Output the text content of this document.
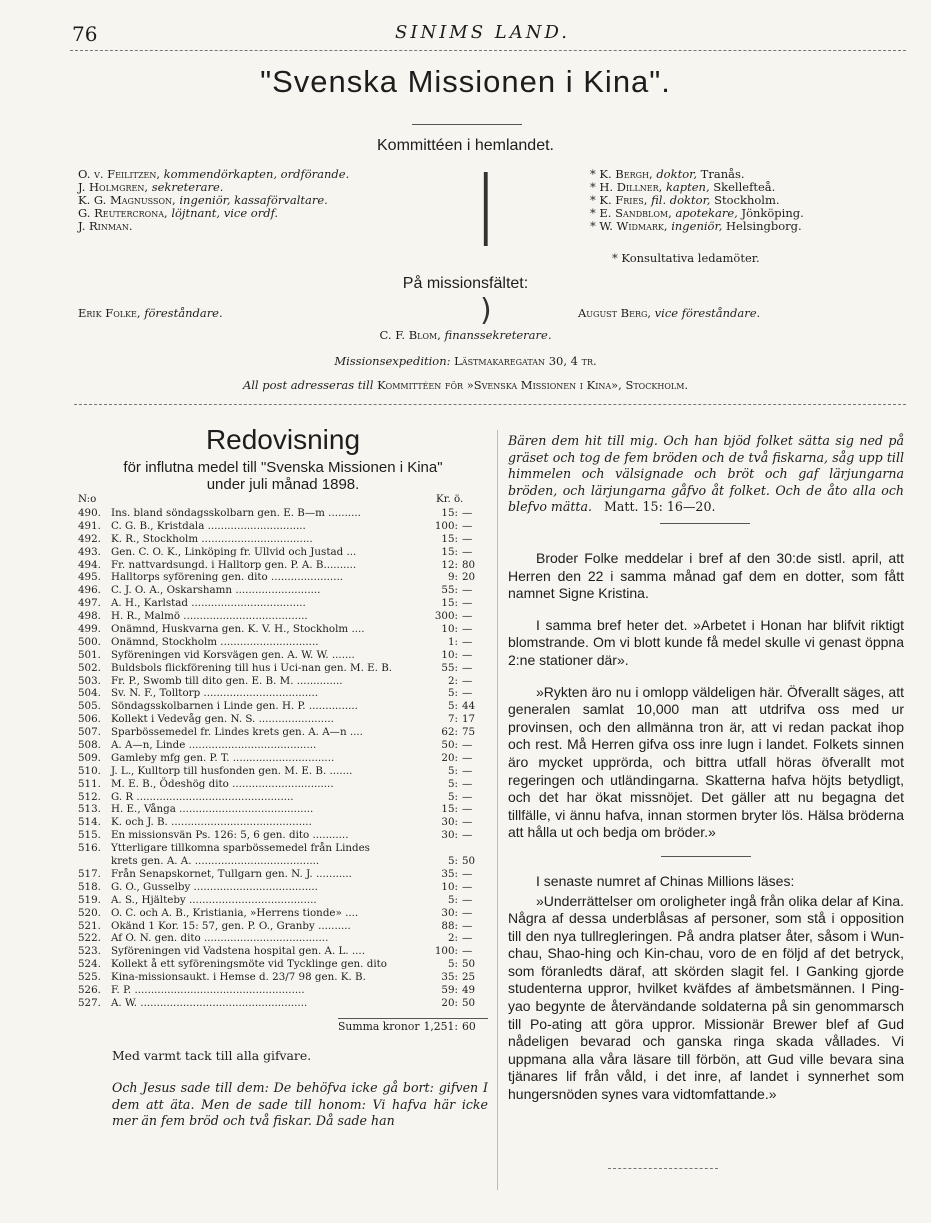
76	SINIMS LAND.
"Svenska Missionen i Kina".
Kommittéen i hemlandet.
O. v. Feilitzen, kommendörkapten, ordförande.
J. Holmgren, sekreterare.
K. G. Magnusson, ingeniör, kassaförvaltare.
G. Reutercrona, löjtnant, vice ordf.
J. Rinman.	|	* K. Bergh, doktor, Tranås.
* H. Dillner, kapten, Skellefteå.
* K. Fries, fil. doktor, Stockholm.
* E. Sandblom, apotekare, Jönköping.
* W. Widmark, ingeniör, Helsingborg.
* Konsultativa ledamöter.
På missionsfältet:
Erik Folke, föreståndare.	)	August Berg, vice föreståndare.
C. F. Blom, finanssekreterare.
Missionsexpedition: Lästmakaregatan 30, 4 tr.
All post adresseras till Kommittéen för »Svenska Missionen i Kina», Stockholm.
Redovisning
för influtna medel till "Svenska Missionen i Kina"
under juli månad 1898.
N:o	Kr. ö.
490. Ins. bland söndagsskolbarn gen. E. B—m ..........	15: —
491. C. G. B., Kristdala ..............................	100: —
492. K. R., Stockholm ..................................	15: —
493. Gen. C. O. K., Linköping fr. Ullvid och Justad ...	15: —
494. Fr. nattvardsungd. i Halltorp gen. P. A. B..........	12: 80
495. Halltorps syförening gen. dito ......................	9: 20
496. C. J. O. A., Oskarshamn ..........................	55: —
497. A. H., Karlstad ...................................	15: —
498. H. R., Malmö ......................................	300: —
499. Onämnd, Huskvarna gen. K. V. H., Stockholm ....	10: —
500. Onämnd, Stockholm ..............................	1: —
501. Syföreningen vid Korsvägen gen. A. W. W. .......	10: —
502. Buldsbols flickförening till hus i Uci-nan gen. M. E. B.	55: —
503. Fr. P., Swomb till dito gen. E. B. M. ..............	2: —
504. Sv. N. F., Tolltorp ...................................	5: —
505. Söndagsskolbarnen i Linde gen. H. P. ...............	5: 44
506. Kollekt i Vedevåg gen. N. S. .......................	7: 17
507. Sparbössemedel fr. Lindes krets gen. A. A—n ....	62: 75
508. A. A—n, Linde .......................................	50: —
509. Gamleby mfg gen. P. T. ...............................	20: —
510. J. L., Kulltorp till husfonden gen. M. E. B. .......	5: —
511. M. E. B., Ödeshög dito ...............................	5: —
512. G. R ................................................	5: —
513. H. E., Vånga .........................................	15: —
514. K. och J. B. ...........................................	30: —
515. En missionsvän Ps. 126: 5, 6 gen. dito ...........	30: —
516. Ytterligare tillkomna sparbössemedel från Lindes
krets gen. A. A. ......................................	5: 50
517. Från Senapskornet, Tullgarn gen. N. J. ...........	35: —
518. G. O., Gusselby ......................................	10: —
519. A. S., Hjälteby .......................................	5: —
520. O. C. och A. B., Kristiania, »Herrens tionde» ....	30: —
521. Okänd 1 Kor. 15: 57, gen. P. O., Granby ..........	88: —
522. Af O. N. gen. dito ......................................	2: —
523. Syföreningen vid Vadstena hospital gen. A. L. ....	100: —
524. Kollekt å ett syföreningsmöte vid Tycklinge gen. dito	5: 50
525. Kina-missionsaukt. i Hemse d. 23/7 98 gen. K. B.	35: 25
526. F. P. ....................................................	59: 49
527. A. W. ...................................................	20: 50
Summa kronor 1,251: 60
Med varmt tack till alla gifvare.
Och Jesus sade till dem: De behöfva icke gå bort: gifven I dem att äta. Men de sade till honom: Vi hafva här icke mer än fem bröd och två fiskar. Då sade han
Bären dem hit till mig. Och han bjöd folket sätta sig ned på gräset och tog de fem bröden och de två fiskarna, såg upp till himmelen och välsignade och bröt och gaf lärjungarna bröden, och lärjungarna gåfvo åt folket. Och de åto alla och blefvo mätta. Matt. 15: 16—20.

Broder Folke meddelar i bref af den 30:de sistl. april, att Herren den 22 i samma månad gaf dem en dotter, som fått namnet Signe Kristina.

I samma bref heter det. »Arbetet i Honan har blifvit riktigt blomstrande. Om vi blott kunde få medel skulle vi genast öppna 2:ne stationer där».

»Rykten äro nu i omlopp väldeligen här. Öfverallt säges, att generalen samlat 10,000 man att utdrifva oss med ur provinsen, och den allmänna tron är, att vi redan packat ihop och rest. Må Herren gifva oss inre lugn i landet. Folkets sinnen äro mycket upprörda, och bittra utfall höras öfverallt mot regeringen och utländingarna. Skatterna hafva höjts betydligt, och det har ökat missnöjet. Det gäller att nu begagna det tillfälle, vi ännu hafva, innan stormen bryter lös. Hälsa bröderna att hålla ut och bedja om bröder.»

I senaste numret af Chinas Millions läses:

»Underrättelser om oroligheter ingå från olika delar af Kina. Några af dessa underblåsas af personer, som stå i opposition till den nya tullregleringen. På andra platser åter, såsom i Wun-chau, Shao-hing och Kin-chau, voro de en följd af det betryck, som föranledts däraf, att skörden slagit fel. I Ganking gjorde studenterna uppror, hvilket kväfdes af ämbetsmännen. I Ping-yao begynte de återvändande soldaterna på sin genommarsch till Po-ating att göra uppror. Missionär Brewer blef af Gud nådeligen bevarad och ganska ringa skada vållades. Vi uppmana alla våra läsare till förbön, att Gud ville bevara sina tjänares lif från våld, i det inre, af landet i synnerhet som hungersnöden synes vara vidtomfattande.»
